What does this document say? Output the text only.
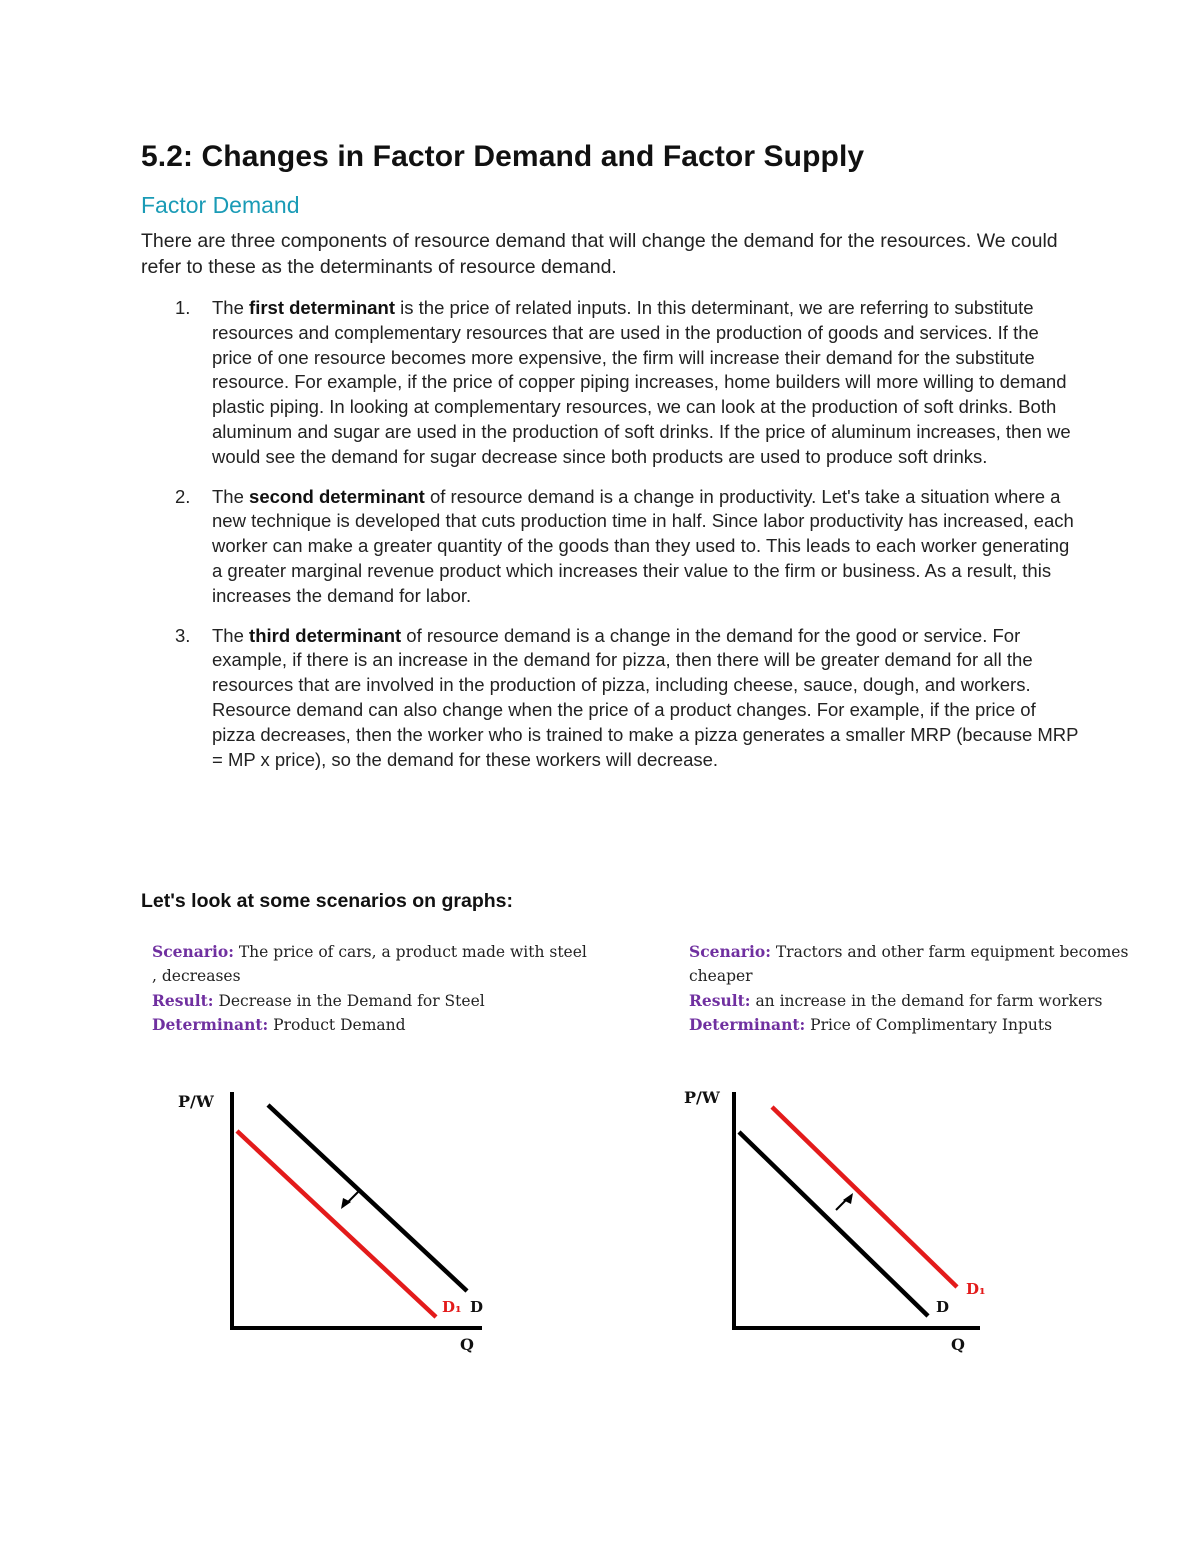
5.2: Changes in Factor Demand and Factor Supply
Factor Demand

There are three components of resource demand that will change the demand for the resources. We could refer to these as the determinants of resource demand.

1. The first determinant is the price of related inputs. In this determinant, we are referring to substitute resources and complementary resources that are used in the production of goods and services. If the price of one resource becomes more expensive, the firm will increase their demand for the substitute resource. For example, if the price of copper piping increases, home builders will more willing to demand plastic piping. In looking at complementary resources, we can look at the production of soft drinks. Both aluminum and sugar are used in the production of soft drinks. If the price of aluminum increases, then we would see the demand for sugar decrease since both products are used to produce soft drinks.
2. The second determinant of resource demand is a change in productivity. Let's take a situation where a new technique is developed that cuts production time in half. Since labor productivity has increased, each worker can make a greater quantity of the goods than they used to. This leads to each worker generating a greater marginal revenue product which increases their value to the firm or business. As a result, this increases the demand for labor.
3. The third determinant of resource demand is a change in the demand for the good or service. For example, if there is an increase in the demand for pizza, then there will be greater demand for all the resources that are involved in the production of pizza, including cheese, sauce, dough, and workers. Resource demand can also change when the price of a product changes. For example, if the price of pizza decreases, then the worker who is trained to make a pizza generates a smaller MRP (because MRP = MP x price), so the demand for these workers will decrease.
Let's look at some scenarios on graphs:
Scenario: The price of cars, a product made with steel , decreases
Result: Decrease in the Demand for Steel
Determinant: Product Demand
Scenario: Tractors and other farm equipment becomes cheaper
Result: an increase in the demand for farm workers
Determinant: Price of Complimentary Inputs
P/W
D₁ D
Q
P/W
D
D₁
Q
